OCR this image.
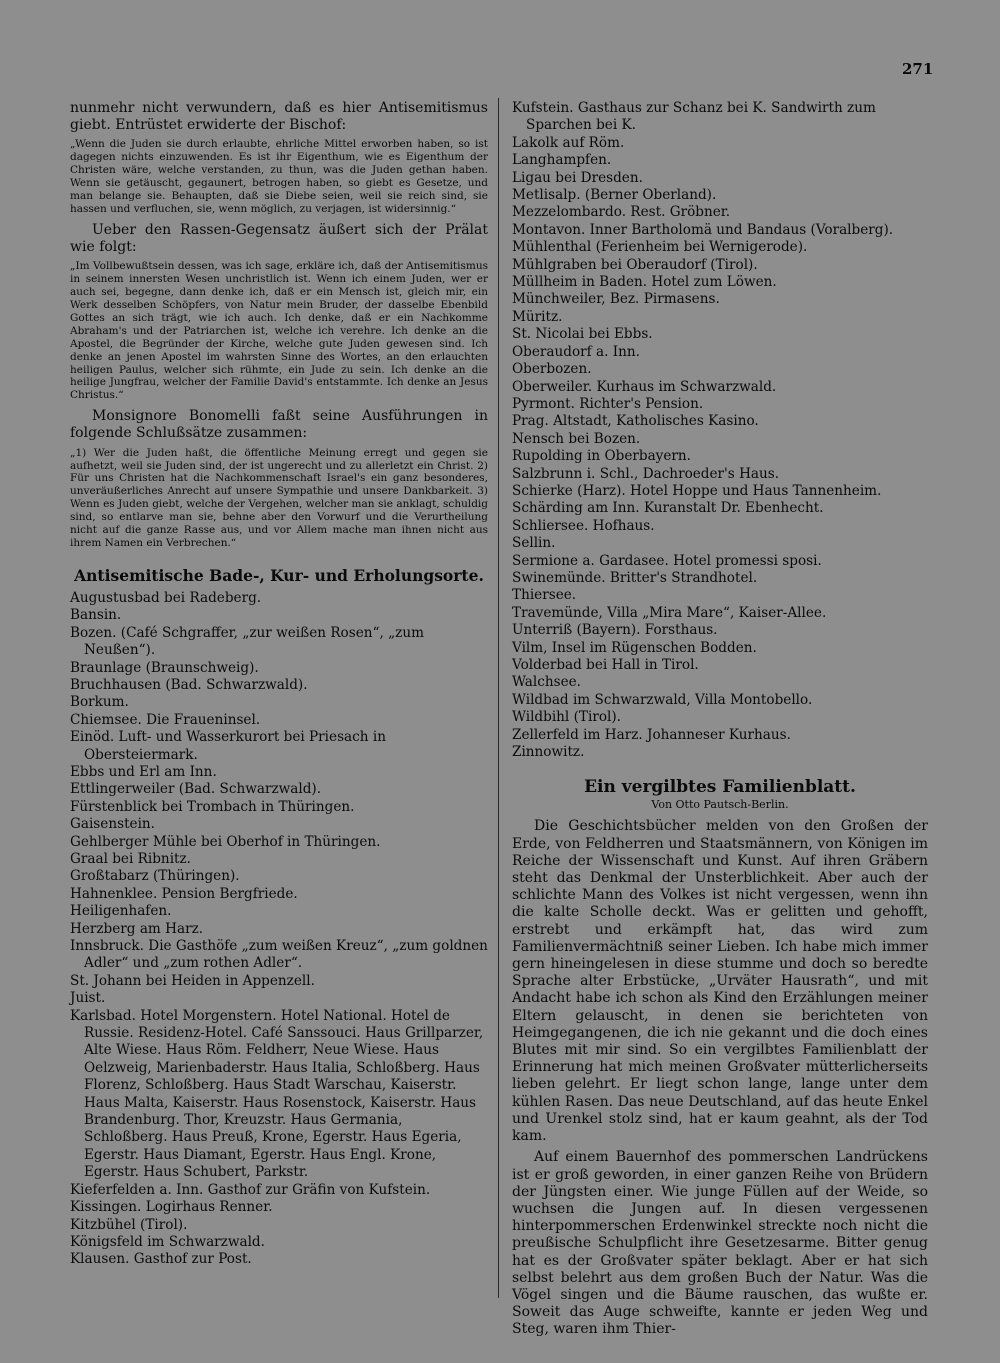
271

nunmehr nicht verwundern, daß es hier Antisemitismus giebt. Entrüstet erwiderte der Bischof:

„Wenn die Juden sie durch erlaubte, ehrliche Mittel erworben haben, so ist dagegen nichts einzuwenden. Es ist ihr Eigenthum, wie es Eigenthum der Christen wäre, welche verstanden, zu thun, was die Juden gethan haben. Wenn sie getäuscht, gegaunert, betrogen haben, so giebt es Gesetze, und man belange sie. Behaupten, daß sie Diebe seien, weil sie reich sind, sie hassen und verfluchen, sie, wenn möglich, zu verjagen, ist widersinnig.“

Ueber den Rassen-Gegensatz äußert sich der Prälat wie folgt:

„Im Vollbewußtsein dessen, was ich sage, erkläre ich, daß der Antisemitismus in seinem innersten Wesen unchristlich ist. Wenn ich einem Juden, wer er auch sei, begegne, dann denke ich, daß er ein Mensch ist, gleich mir, ein Werk desselben Schöpfers, von Natur mein Bruder, der dasselbe Ebenbild Gottes an sich trägt, wie ich auch. Ich denke, daß er ein Nachkomme Abraham's und der Patriarchen ist, welche ich verehre. Ich denke an die Apostel, die Begründer der Kirche, welche gute Juden gewesen sind. Ich denke an jenen Apostel im wahrsten Sinne des Wortes, an den erlauchten heiligen Paulus, welcher sich rühmte, ein Jude zu sein. Ich denke an die heilige Jungfrau, welcher der Familie David's entstammte. Ich denke an Jesus Christus.“

Monsignore Bonomelli faßt seine Ausführungen in folgende Schlußsätze zusammen:

„1) Wer die Juden haßt, die öffentliche Meinung erregt und gegen sie aufhetzt, weil sie Juden sind, der ist ungerecht und zu allerletzt ein Christ. 2) Für uns Christen hat die Nachkommenschaft Israel's ein ganz besonderes, unveräußerliches Anrecht auf unsere Sympathie und unsere Dankbarkeit. 3) Wenn es Juden giebt, welche der Vergehen, welcher man sie anklagt, schuldig sind, so entlarve man sie, behne aber den Vorwurf und die Verurtheilung nicht auf die ganze Rasse aus, und vor Allem mache man ihnen nicht aus ihrem Namen ein Verbrechen.“

Antisemitische Bade-, Kur- und Erholungsorte.
Augustusbad bei Radeberg.
Bansin.
Bozen. (Café Schgraffer, „zur weißen Rosen“, „zum Neußen“).
Braunlage (Braunschweig).
Bruchhausen (Bad. Schwarzwald).
Borkum.
Chiemsee. Die Fraueninsel.
Einöd. Luft- und Wasserkurort bei Priesach in Obersteiermark.
Ebbs und Erl am Inn.
Ettlingerweiler (Bad. Schwarzwald).
Fürstenblick bei Trombach in Thüringen.
Gaisenstein.
Gehlberger Mühle bei Oberhof in Thüringen.
Graal bei Ribnitz.
Großtabarz (Thüringen).
Hahnenklee. Pension Bergfriede.
Heiligenhafen.
Herzberg am Harz.
Innsbruck. Die Gasthöfe „zum weißen Kreuz“, „zum goldnen Adler“ und „zum rothen Adler“.
St. Johann bei Heiden in Appenzell.
Juist.
Karlsbad. Hotel Morgenstern. Hotel National. Hotel de Russie. Residenz-Hotel. Café Sanssouci. Haus Grillparzer, Alte Wiese. Haus Röm. Feldherr, Neue Wiese. Haus Oelzweig, Marienbaderstr. Haus Italia, Schloßberg. Haus Florenz, Schloßberg. Haus Stadt Warschau, Kaiserstr. Haus Malta, Kaiserstr. Haus Rosenstock, Kaiserstr. Haus Brandenburg. Thor, Kreuzstr. Haus Germania, Schloßberg. Haus Preuß, Krone, Egerstr. Haus Egeria, Egerstr. Haus Diamant, Egerstr. Haus Engl. Krone, Egerstr. Haus Schubert, Parkstr.
Kieferfelden a. Inn. Gasthof zur Gräfin von Kufstein.
Kissingen. Logirhaus Renner.
Kitzbühel (Tirol).
Königsfeld im Schwarzwald.
Klausen. Gasthof zur Post.
Kufstein. Gasthaus zur Schanz bei K. Sandwirth zum Sparchen bei K.
Lakolk auf Röm.
Langhampfen.
Ligau bei Dresden.
Metlisalp. (Berner Oberland).
Mezzelombardo. Rest. Gröbner.
Montavon. Inner Bartholomä und Bandaus (Voralberg).
Mühlenthal (Ferienheim bei Wernigerode).
Mühlgraben bei Oberaudorf (Tirol).
Müllheim in Baden. Hotel zum Löwen.
Münchweiler, Bez. Pirmasens.
Müritz.
St. Nicolai bei Ebbs.
Oberaudorf a. Inn.
Oberbozen.
Oberweiler. Kurhaus im Schwarzwald.
Pyrmont. Richter's Pension.
Prag. Altstadt, Katholisches Kasino.
Nensch bei Bozen.
Rupolding in Oberbayern.
Salzbrunn i. Schl., Dachroeder's Haus.
Schierke (Harz). Hotel Hoppe und Haus Tannenheim.
Schärding am Inn. Kuranstalt Dr. Ebenhecht.
Schliersee. Hofhaus.
Sellin.
Sermione a. Gardasee. Hotel promessi sposi.
Swinemünde. Britter's Strandhotel.
Thiersee.
Travemünde, Villa „Mira Mare“, Kaiser-Allee.
Unterriß (Bayern). Forsthaus.
Vilm, Insel im Rügenschen Bodden.
Volderbad bei Hall in Tirol.
Walchsee.
Wildbad im Schwarzwald, Villa Montobello.
Wildbihl (Tirol).
Zellerfeld im Harz. Johanneser Kurhaus.
Zinnowitz.
Ein vergilbtes Familienblatt.
Von Otto Pautsch-Berlin.

Die Geschichtsbücher melden von den Großen der Erde, von Feldherren und Staatsmännern, von Königen im Reiche der Wissenschaft und Kunst. Auf ihren Gräbern steht das Denkmal der Unsterblichkeit. Aber auch der schlichte Mann des Volkes ist nicht vergessen, wenn ihn die kalte Scholle deckt. Was er gelitten und gehofft, erstrebt und erkämpft hat, das wird zum Familienvermächtniß seiner Lieben. Ich habe mich immer gern hineingelesen in diese stumme und doch so beredte Sprache alter Erbstücke, „Urväter Hausrath“, und mit Andacht habe ich schon als Kind den Erzählungen meiner Eltern gelauscht, in denen sie berichteten von Heimgegangenen, die ich nie gekannt und die doch eines Blutes mit mir sind. So ein vergilbtes Familienblatt der Erinnerung hat mich meinen Großvater mütterlicherseits lieben gelehrt. Er liegt schon lange, lange unter dem kühlen Rasen. Das neue Deutschland, auf das heute Enkel und Urenkel stolz sind, hat er kaum geahnt, als der Tod kam.

Auf einem Bauernhof des pommerschen Landrückens ist er groß geworden, in einer ganzen Reihe von Brüdern der Jüngsten einer. Wie junge Füllen auf der Weide, so wuchsen die Jungen auf. In diesen vergessenen hinterpommerschen Erdenwinkel streckte noch nicht die preußische Schulpflicht ihre Gesetzesarme. Bitter genug hat es der Großvater später beklagt. Aber er hat sich selbst belehrt aus dem großen Buch der Natur. Was die Vögel singen und die Bäume rauschen, das wußte er. Soweit das Auge schweifte, kannte er jeden Weg und Steg, waren ihm Thier-
